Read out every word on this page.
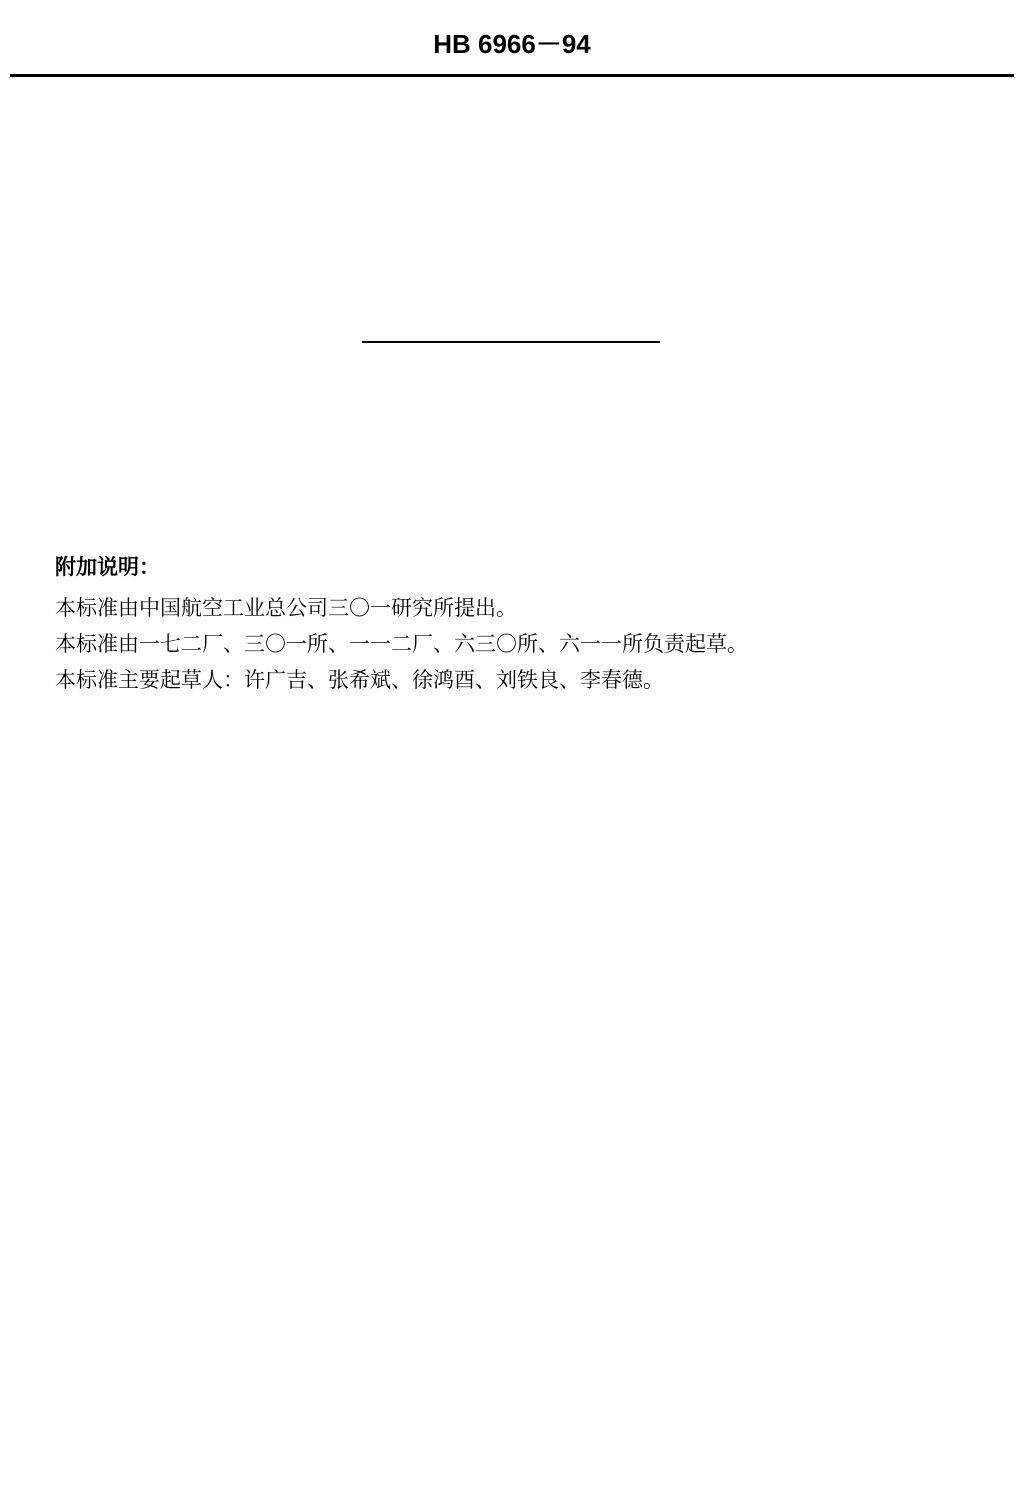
HB 6966－94
附加说明：
本标准由中国航空工业总公司三〇一研究所提出。
本标准由一七二厂、三〇一所、一一二厂、六三〇所、六一一所负责起草。
本标准主要起草人：许广吉、张希斌、徐鸿酉、刘铁良、李春德。
